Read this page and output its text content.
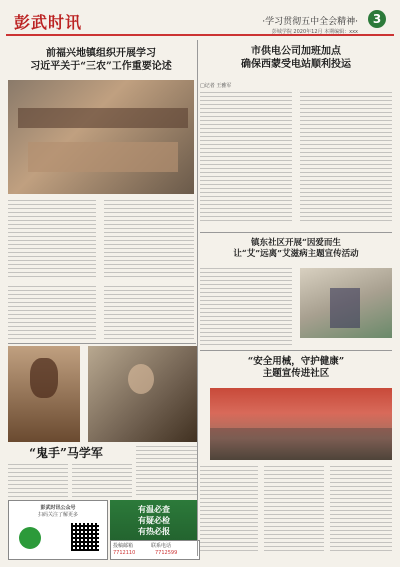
彭武时讯	·学习贯彻五中全会精神·	3
彭城学院 2020年12月 本期编辑：xxx
前福兴地镇组织开展学习
习近平关于“三农”工作重要论述
市供电公司加班加点
确保西蒙受电站顺利投运
□记者 王雅军
镇东社区开展“因爱而生
让“艾”远离”艾滋病主题宣传活动
“鬼手”马学军
“安全用械，守护健康”
主题宣传进社区
彭武时讯公众号
扫码关注了解更多
有温必查
有疑必检
有热必报
投稿邮箱	联系电话
7712110	7712599
